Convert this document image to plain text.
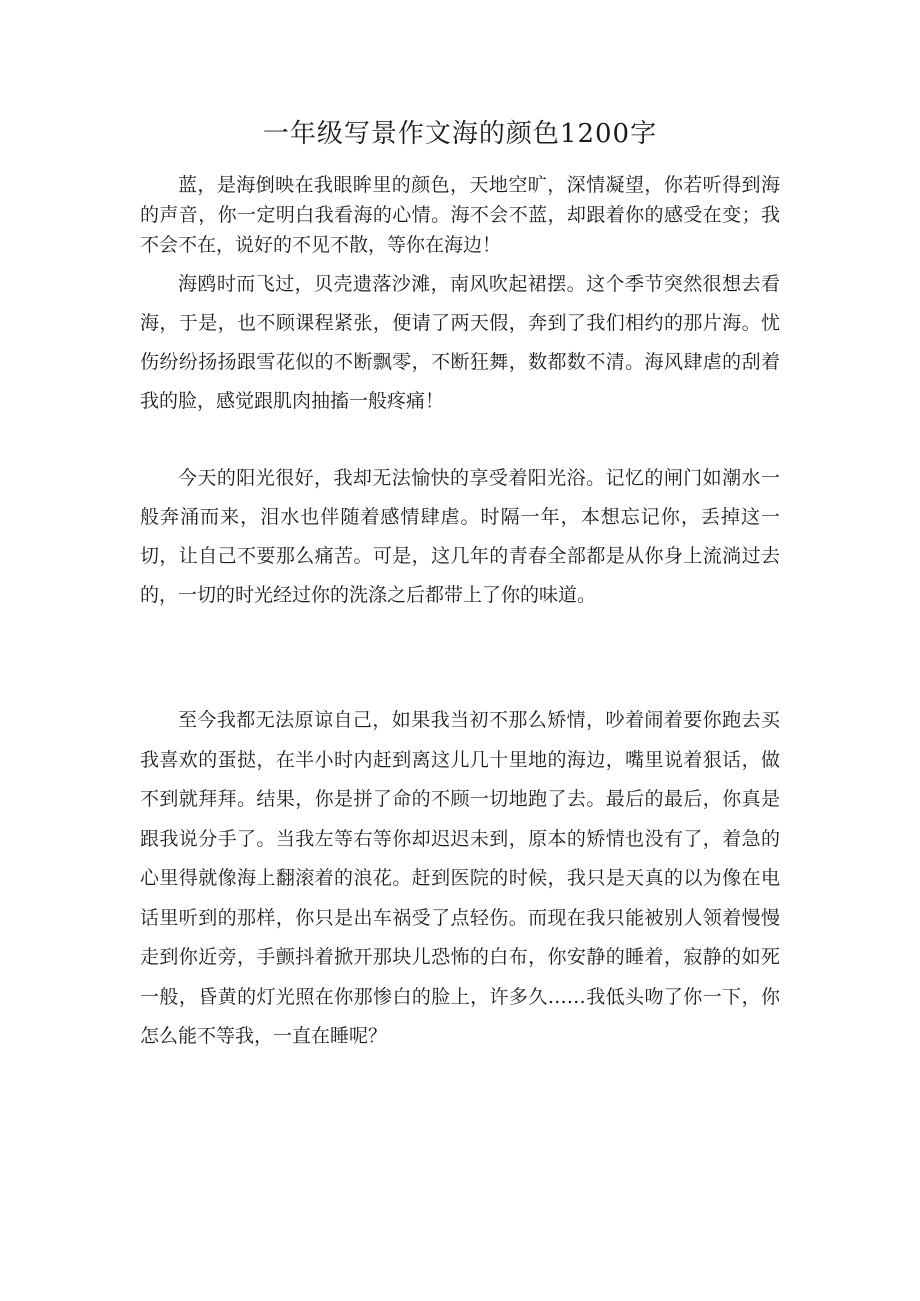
一年级写景作文海的颜色1200字

蓝，是海倒映在我眼眸里的颜色，天地空旷，深情凝望，你若听得到海的声音，你一定明白我看海的心情。海不会不蓝，却跟着你的感受在变；我不会不在，说好的不见不散，等你在海边！

海鸥时而飞过，贝壳遗落沙滩，南风吹起裙摆。这个季节突然很想去看海，于是，也不顾课程紧张，便请了两天假，奔到了我们相约的那片海。忧伤纷纷扬扬跟雪花似的不断飘零，不断狂舞，数都数不清。海风肆虐的刮着我的脸，感觉跟肌肉抽搐一般疼痛！

今天的阳光很好，我却无法愉快的享受着阳光浴。记忆的闸门如潮水一般奔涌而来，泪水也伴随着感情肆虐。时隔一年，本想忘记你，丢掉这一切，让自己不要那么痛苦。可是，这几年的青春全部都是从你身上流淌过去的，一切的时光经过你的洗涤之后都带上了你的味道。

至今我都无法原谅自己，如果我当初不那么矫情，吵着闹着要你跑去买我喜欢的蛋挞，在半小时内赶到离这儿几十里地的海边，嘴里说着狠话，做不到就拜拜。结果，你是拼了命的不顾一切地跑了去。最后的最后，你真是跟我说分手了。当我左等右等你却迟迟未到，原本的矫情也没有了，着急的心里得就像海上翻滚着的浪花。赶到医院的时候，我只是天真的以为像在电话里听到的那样，你只是出车祸受了点轻伤。而现在我只能被别人领着慢慢走到你近旁，手颤抖着掀开那块儿恐怖的白布，你安静的睡着，寂静的如死一般，昏黄的灯光照在你那惨白的脸上，许多久……我低头吻了你一下，你怎么能不等我，一直在睡呢？
